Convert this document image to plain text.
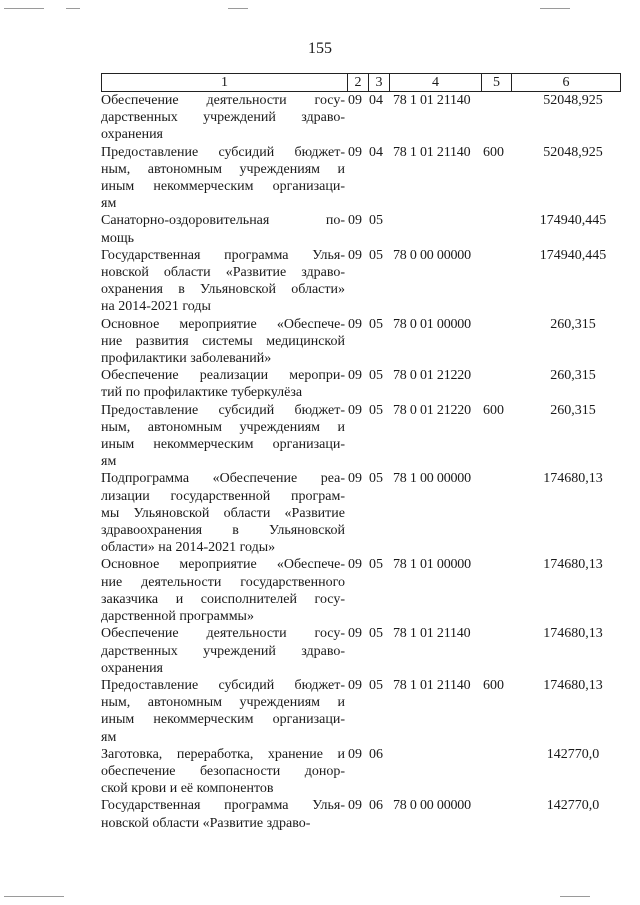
155
1	2	3	4	5	6
Обеспечение деятельности госу-
дарственных учреждений здраво-
охранения
09 04 78 1 01 21140	52048,925
Предоставление субсидий бюджет-
ным, автономным учреждениям и
иным некоммерческим организаци-
ям
09 04 78 1 01 21140 600	52048,925
Санаторно-оздоровительная по-
мощь
09 05	174940,445
Государственная программа Улья-
новской области «Развитие здраво-
охранения в Ульяновской области»
на 2014-2021 годы
09 05 78 0 00 00000	174940,445
Основное мероприятие «Обеспече-
ние развития системы медицинской
профилактики заболеваний»
09 05 78 0 01 00000	260,315
Обеспечение реализации меропри-
тий по профилактике туберкулёза
09 05 78 0 01 21220	260,315
Предоставление субсидий бюджет-
ным, автономным учреждениям и
иным некоммерческим организаци-
ям
09 05 78 0 01 21220 600	260,315
Подпрограмма «Обеспечение реа-
лизации государственной програм-
мы Ульяновской области «Развитие
здравоохранения в Ульяновской
области» на 2014-2021 годы»
09 05 78 1 00 00000	174680,13
Основное мероприятие «Обеспече-
ние деятельности государственного
заказчика и соисполнителей госу-
дарственной программы»
09 05 78 1 01 00000	174680,13
Обеспечение деятельности госу-
дарственных учреждений здраво-
охранения
09 05 78 1 01 21140	174680,13
Предоставление субсидий бюджет-
ным, автономным учреждениям и
иным некоммерческим организаци-
ям
09 05 78 1 01 21140 600	174680,13
Заготовка, переработка, хранение и
обеспечение безопасности донор-
ской крови и её компонентов
09 06	142770,0
Государственная программа Улья-
новской области «Развитие здраво-
09 06 78 0 00 00000	142770,0
